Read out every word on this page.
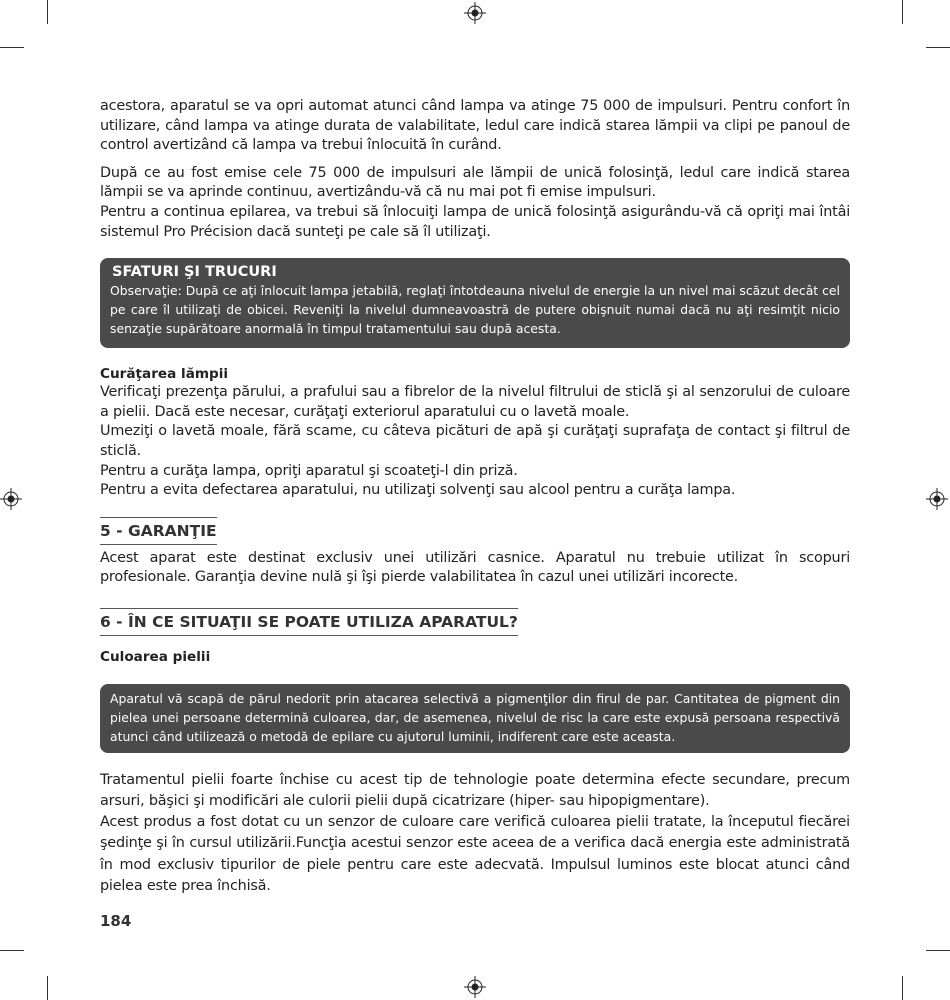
acestora, aparatul se va opri automat atunci când lampa va atinge 75 000 de impulsuri. Pentru confort în utilizare, când lampa va atinge durata de valabilitate, ledul care indică starea lămpii va clipi pe panoul de control avertizând că lampa va trebui înlocuită în curând.

După ce au fost emise cele 75 000 de impulsuri ale lămpii de unică folosinţă, ledul care indică starea lămpii se va aprinde continuu, avertizându-vă că nu mai pot fi emise impulsuri.

Pentru a continua epilarea, va trebui să înlocuiţi lampa de unică folosinţă asigurându-vă că opriţi mai întâi sistemul Pro Précision dacă sunteţi pe cale să îl utilizaţi.

SFATURI ŞI TRUCURI
Observaţie: După ce aţi înlocuit lampa jetabilă, reglaţi întotdeauna nivelul de energie la un nivel mai scăzut decât cel pe care îl utilizaţi de obicei. Reveniţi la nivelul dumneavoastră de putere obişnuit numai dacă nu aţi resimţit nicio senzaţie supărătoare anormală în timpul tratamentului sau după acesta.

Curăţarea lămpii

Verificaţi prezenţa părului, a prafului sau a fibrelor de la nivelul filtrului de sticlă şi al senzorului de culoare a pielii. Dacă este necesar, curăţaţi exteriorul aparatului cu o lavetă moale.

Umeziţi o lavetă moale, fără scame, cu câteva picături de apă şi curăţaţi suprafaţa de contact şi filtrul de sticlă.

Pentru a curăţa lampa, opriţi aparatul şi scoateţi-l din priză.

Pentru a evita defectarea aparatului, nu utilizaţi solvenţi sau alcool pentru a curăţa lampa.

5 - GARANŢIE

Acest aparat este destinat exclusiv unei utilizări casnice. Aparatul nu trebuie utilizat în scopuri profesionale. Garanţia devine nulă şi îşi pierde valabilitatea în cazul unei utilizări incorecte.

6 - ÎN CE SITUAŢII SE POATE UTILIZA APARATUL?

Culoarea pielii

Aparatul vă scapă de părul nedorit prin atacarea selectivă a pigmenţilor din firul de par. Cantitatea de pigment din pielea unei persoane determină culoarea, dar, de asemenea, nivelul de risc la care este expusă persoana respectivă atunci când utilizează o metodă de epilare cu ajutorul luminii, indiferent care este aceasta.

Tratamentul pielii foarte închise cu acest tip de tehnologie poate determina efecte secundare, precum arsuri, băşici şi modificări ale culorii pielii după cicatrizare (hiper- sau hipopigmentare).

Acest produs a fost dotat cu un senzor de culoare care verifică culoarea pielii tratate, la începutul fiecărei şedinţe şi în cursul utilizării.Funcţia acestui senzor este aceea de a verifica dacă energia este administrată în mod exclusiv tipurilor de piele pentru care este adecvată. Impulsul luminos este blocat atunci când pielea este prea închisă.

184
